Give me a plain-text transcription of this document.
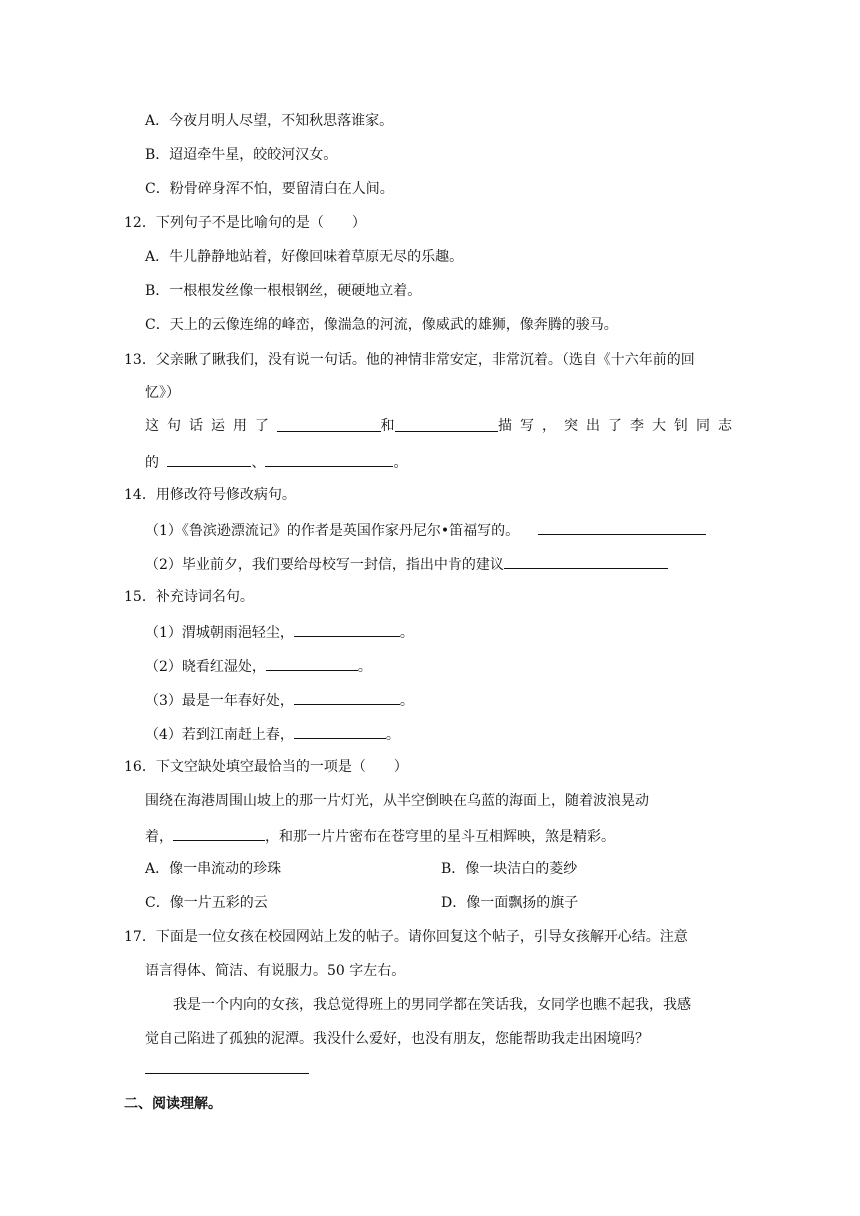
A．今夜月明人尽望，不知秋思落谁家。
B．迢迢牵牛星，皎皎河汉女。
C．粉骨碎身浑不怕，要留清白在人间。
12．下列句子不是比喻句的是（　　）
A．牛儿静静地站着，好像回味着草原无尽的乐趣。
B．一根根发丝像一根根钢丝，硬硬地立着。
C．天上的云像连绵的峰峦，像湍急的河流，像威武的雄狮，像奔腾的骏马。
13．父亲瞅了瞅我们，没有说一句话。他的神情非常安定，非常沉着。（选自《十六年前的回
忆》）
这句话运用了	和	描写，突出了李大钊同志
的	、	。
14．用修改符号修改病句。
（1）《鲁滨逊漂流记》的作者是英国作家丹尼尔•笛福写的。
（2）毕业前夕，我们要给母校写一封信，指出中肯的建议
15．补充诗词名句。
（1）渭城朝雨浥轻尘，	。
（2）晓看红湿处，	。
（3）最是一年春好处，	。
（4）若到江南赶上春，	。
16．下文空缺处填空最恰当的一项是（　　）
围绕在海港周围山坡上的那一片灯光，从半空倒映在乌蓝的海面上，随着波浪晃动
着，	，和那一片片密布在苍穹里的星斗互相辉映，煞是精彩。
A．像一串流动的珍珠	B．像一块洁白的菱纱
C．像一片五彩的云	D．像一面飘扬的旗子
17．下面是一位女孩在校园网站上发的帖子。请你回复这个帖子，引导女孩解开心结。注意
语言得体、简洁、有说服力。50 字左右。
我是一个内向的女孩，我总觉得班上的男同学都在笑话我，女同学也瞧不起我，我感
觉自己陷进了孤独的泥潭。我没什么爱好，也没有朋友，您能帮助我走出困境吗？
二、阅读理解。
